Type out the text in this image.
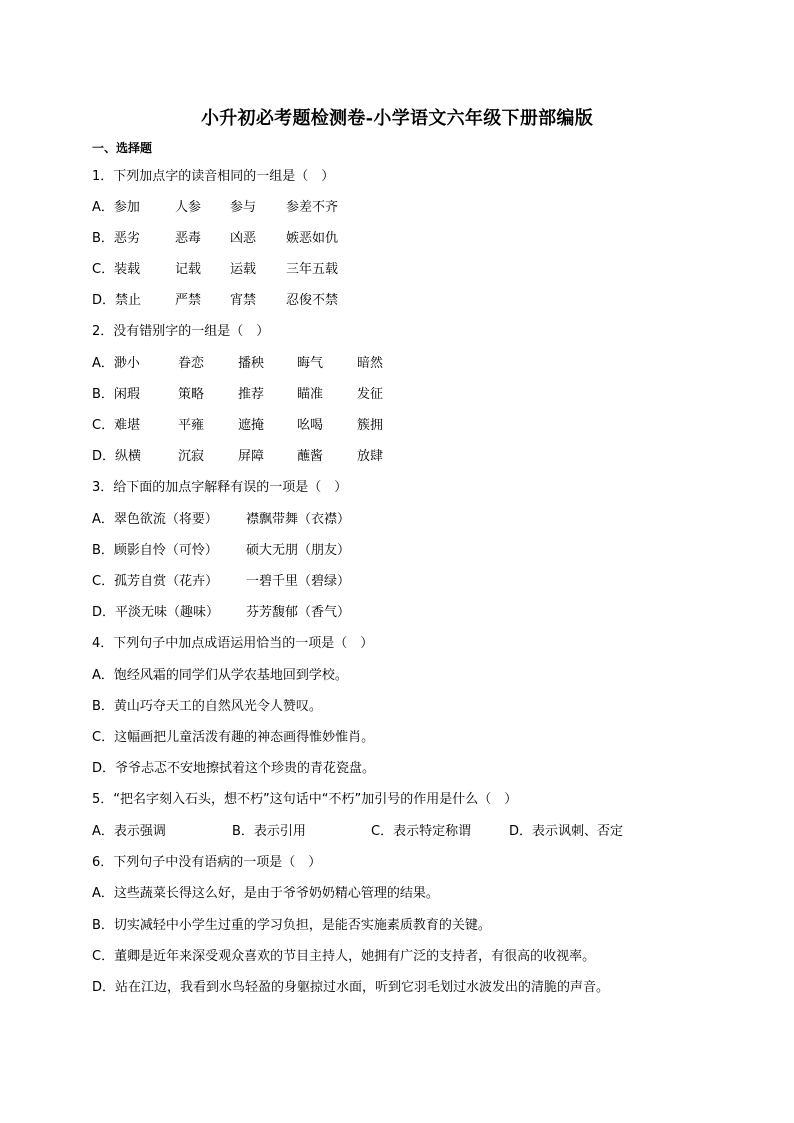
小升初必考题检测卷-小学语文六年级下册部编版
一、选择题
1．下列加点字的读音相同的一组是（　）
A．参加	人参 参与 参差不齐
B．恶劣	恶毒 凶恶 嫉恶如仇
C．装载	记载 运载 三年五载
D．禁止	严禁 宵禁 忍俊不禁
2．没有错别字的一组是（　）
A．渺小	眷恋	播秧	晦气	暗然
B．闲瑕	策略	推荐	瞄准	发征
C．难堪	平雍	遮掩	吆喝	簇拥
D．纵横	沉寂	屏障	蘸酱	放肆
3．给下面的加点字解释有误的一项是（　）
A．翠色欲流（将要） 襟飘带舞（衣襟）
B．顾影自怜（可怜） 硕大无朋（朋友）
C．孤芳自赏（花卉） 一碧千里（碧绿）
D．平淡无味（趣味） 芬芳馥郁（香气）
4．下列句子中加点成语运用恰当的一项是（　）
A．饱经风霜的同学们从学农基地回到学校。
B．黄山巧夺天工的自然风光令人赞叹。
C．这幅画把儿童活泼有趣的神态画得惟妙惟肖。
D．爷爷忐忑不安地擦拭着这个珍贵的青花瓷盘。
5．“把名字刻入石头，想不朽”这句话中“不朽”加引号的作用是什么（　）
A．表示强调	B．表示引用	C．表示特定称谓	D．表示讽刺、否定
6．下列句子中没有语病的一项是（　）
A．这些蔬菜长得这么好，是由于爷爷奶奶精心管理的结果。
B．切实减轻中小学生过重的学习负担，是能否实施素质教育的关键。
C．董卿是近年来深受观众喜欢的节目主持人，她拥有广泛的支持者，有很高的收视率。
D．站在江边，我看到水鸟轻盈的身躯掠过水面，听到它羽毛划过水波发出的清脆的声音。
